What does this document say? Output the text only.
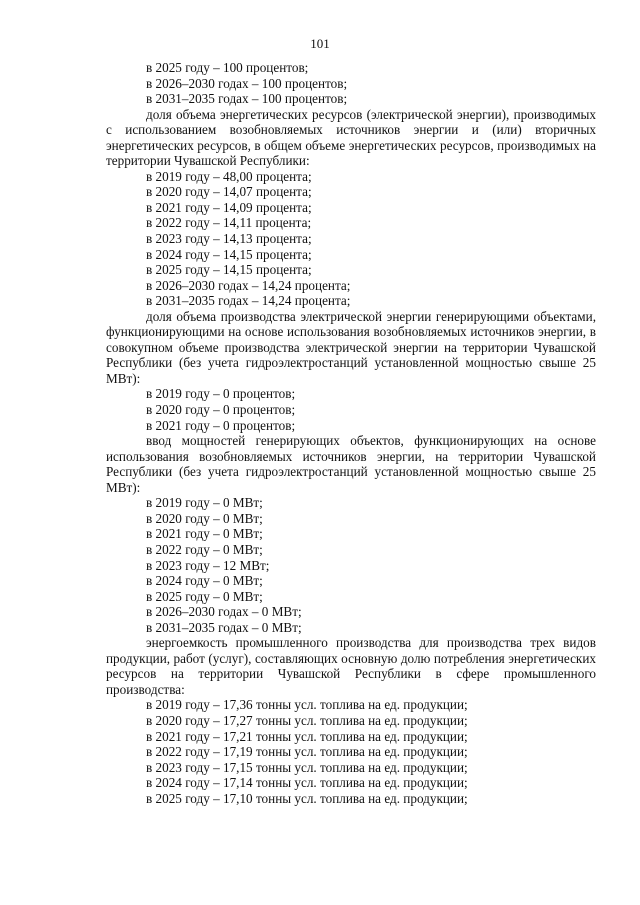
101
в 2025 году – 100 процентов;
в 2026–2030 годах – 100 процентов;
в 2031–2035 годах – 100 процентов;
доля объема энергетических ресурсов (электрической энергии), производимых с использованием возобновляемых источников энергии и (или) вторичных энергетических ресурсов, в общем объеме энергетических ресурсов, производимых на территории Чувашской Республики:
в 2019 году – 48,00 процента;
в 2020 году – 14,07 процента;
в 2021 году – 14,09 процента;
в 2022 году – 14,11 процента;
в 2023 году – 14,13 процента;
в 2024 году – 14,15 процента;
в 2025 году – 14,15 процента;
в 2026–2030 годах – 14,24 процента;
в 2031–2035 годах – 14,24 процента;
доля объема производства электрической энергии генерирующими объектами, функционирующими на основе использования возобновляемых источников энергии, в совокупном объеме производства электрической энергии на территории Чувашской Республики (без учета гидроэлектростанций установленной мощностью свыше 25 МВт):
в 2019 году – 0 процентов;
в 2020 году – 0 процентов;
в 2021 году – 0 процентов;
ввод мощностей генерирующих объектов, функционирующих на основе использования возобновляемых источников энергии, на территории Чувашской Республики (без учета гидроэлектростанций установленной мощностью свыше 25 МВт):
в 2019 году – 0 МВт;
в 2020 году – 0 МВт;
в 2021 году – 0 МВт;
в 2022 году – 0 МВт;
в 2023 году – 12 МВт;
в 2024 году – 0 МВт;
в 2025 году – 0 МВт;
в 2026–2030 годах – 0 МВт;
в 2031–2035 годах – 0 МВт;
энергоемкость промышленного производства для производства трех видов продукции, работ (услуг), составляющих основную долю потребления энергетических ресурсов на территории Чувашской Республики в сфере промышленного производства:
в 2019 году – 17,36 тонны усл. топлива на ед. продукции;
в 2020 году – 17,27 тонны усл. топлива на ед. продукции;
в 2021 году – 17,21 тонны усл. топлива на ед. продукции;
в 2022 году – 17,19 тонны усл. топлива на ед. продукции;
в 2023 году – 17,15 тонны усл. топлива на ед. продукции;
в 2024 году – 17,14 тонны усл. топлива на ед. продукции;
в 2025 году – 17,10 тонны усл. топлива на ед. продукции;
